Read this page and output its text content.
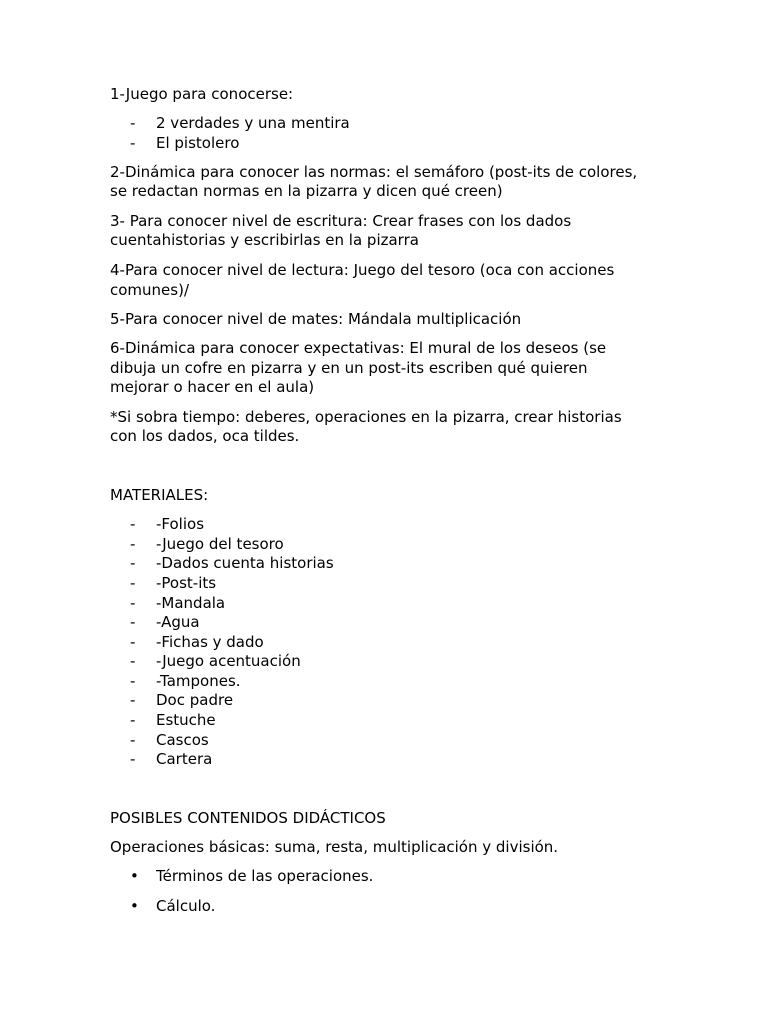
1-Juego para conocerse:
- 2 verdades y una mentira
- El pistolero
2-Dinámica para conocer las normas: el semáforo (post-its de colores,
se redactan normas en la pizarra y dicen qué creen)
3- Para conocer nivel de escritura: Crear frases con los dados
cuentahistorias y escribirlas en la pizarra
4-Para conocer nivel de lectura: Juego del tesoro (oca con acciones
comunes)/
5-Para conocer nivel de mates: Mándala multiplicación
6-Dinámica para conocer expectativas: El mural de los deseos (se
dibuja un cofre en pizarra y en un post-its escriben qué quieren
mejorar o hacer en el aula)
*Si sobra tiempo: deberes, operaciones en la pizarra, crear historias
con los dados, oca tildes.
MATERIALES:
- -Folios
- -Juego del tesoro
- -Dados cuenta historias
- -Post-its
- -Mandala
- -Agua
- -Fichas y dado
- -Juego acentuación
- -Tampones.
- Doc padre
- Estuche
- Cascos
- Cartera
POSIBLES CONTENIDOS DIDÁCTICOS
Operaciones básicas: suma, resta, multiplicación y división.
• Términos de las operaciones.
• Cálculo.
